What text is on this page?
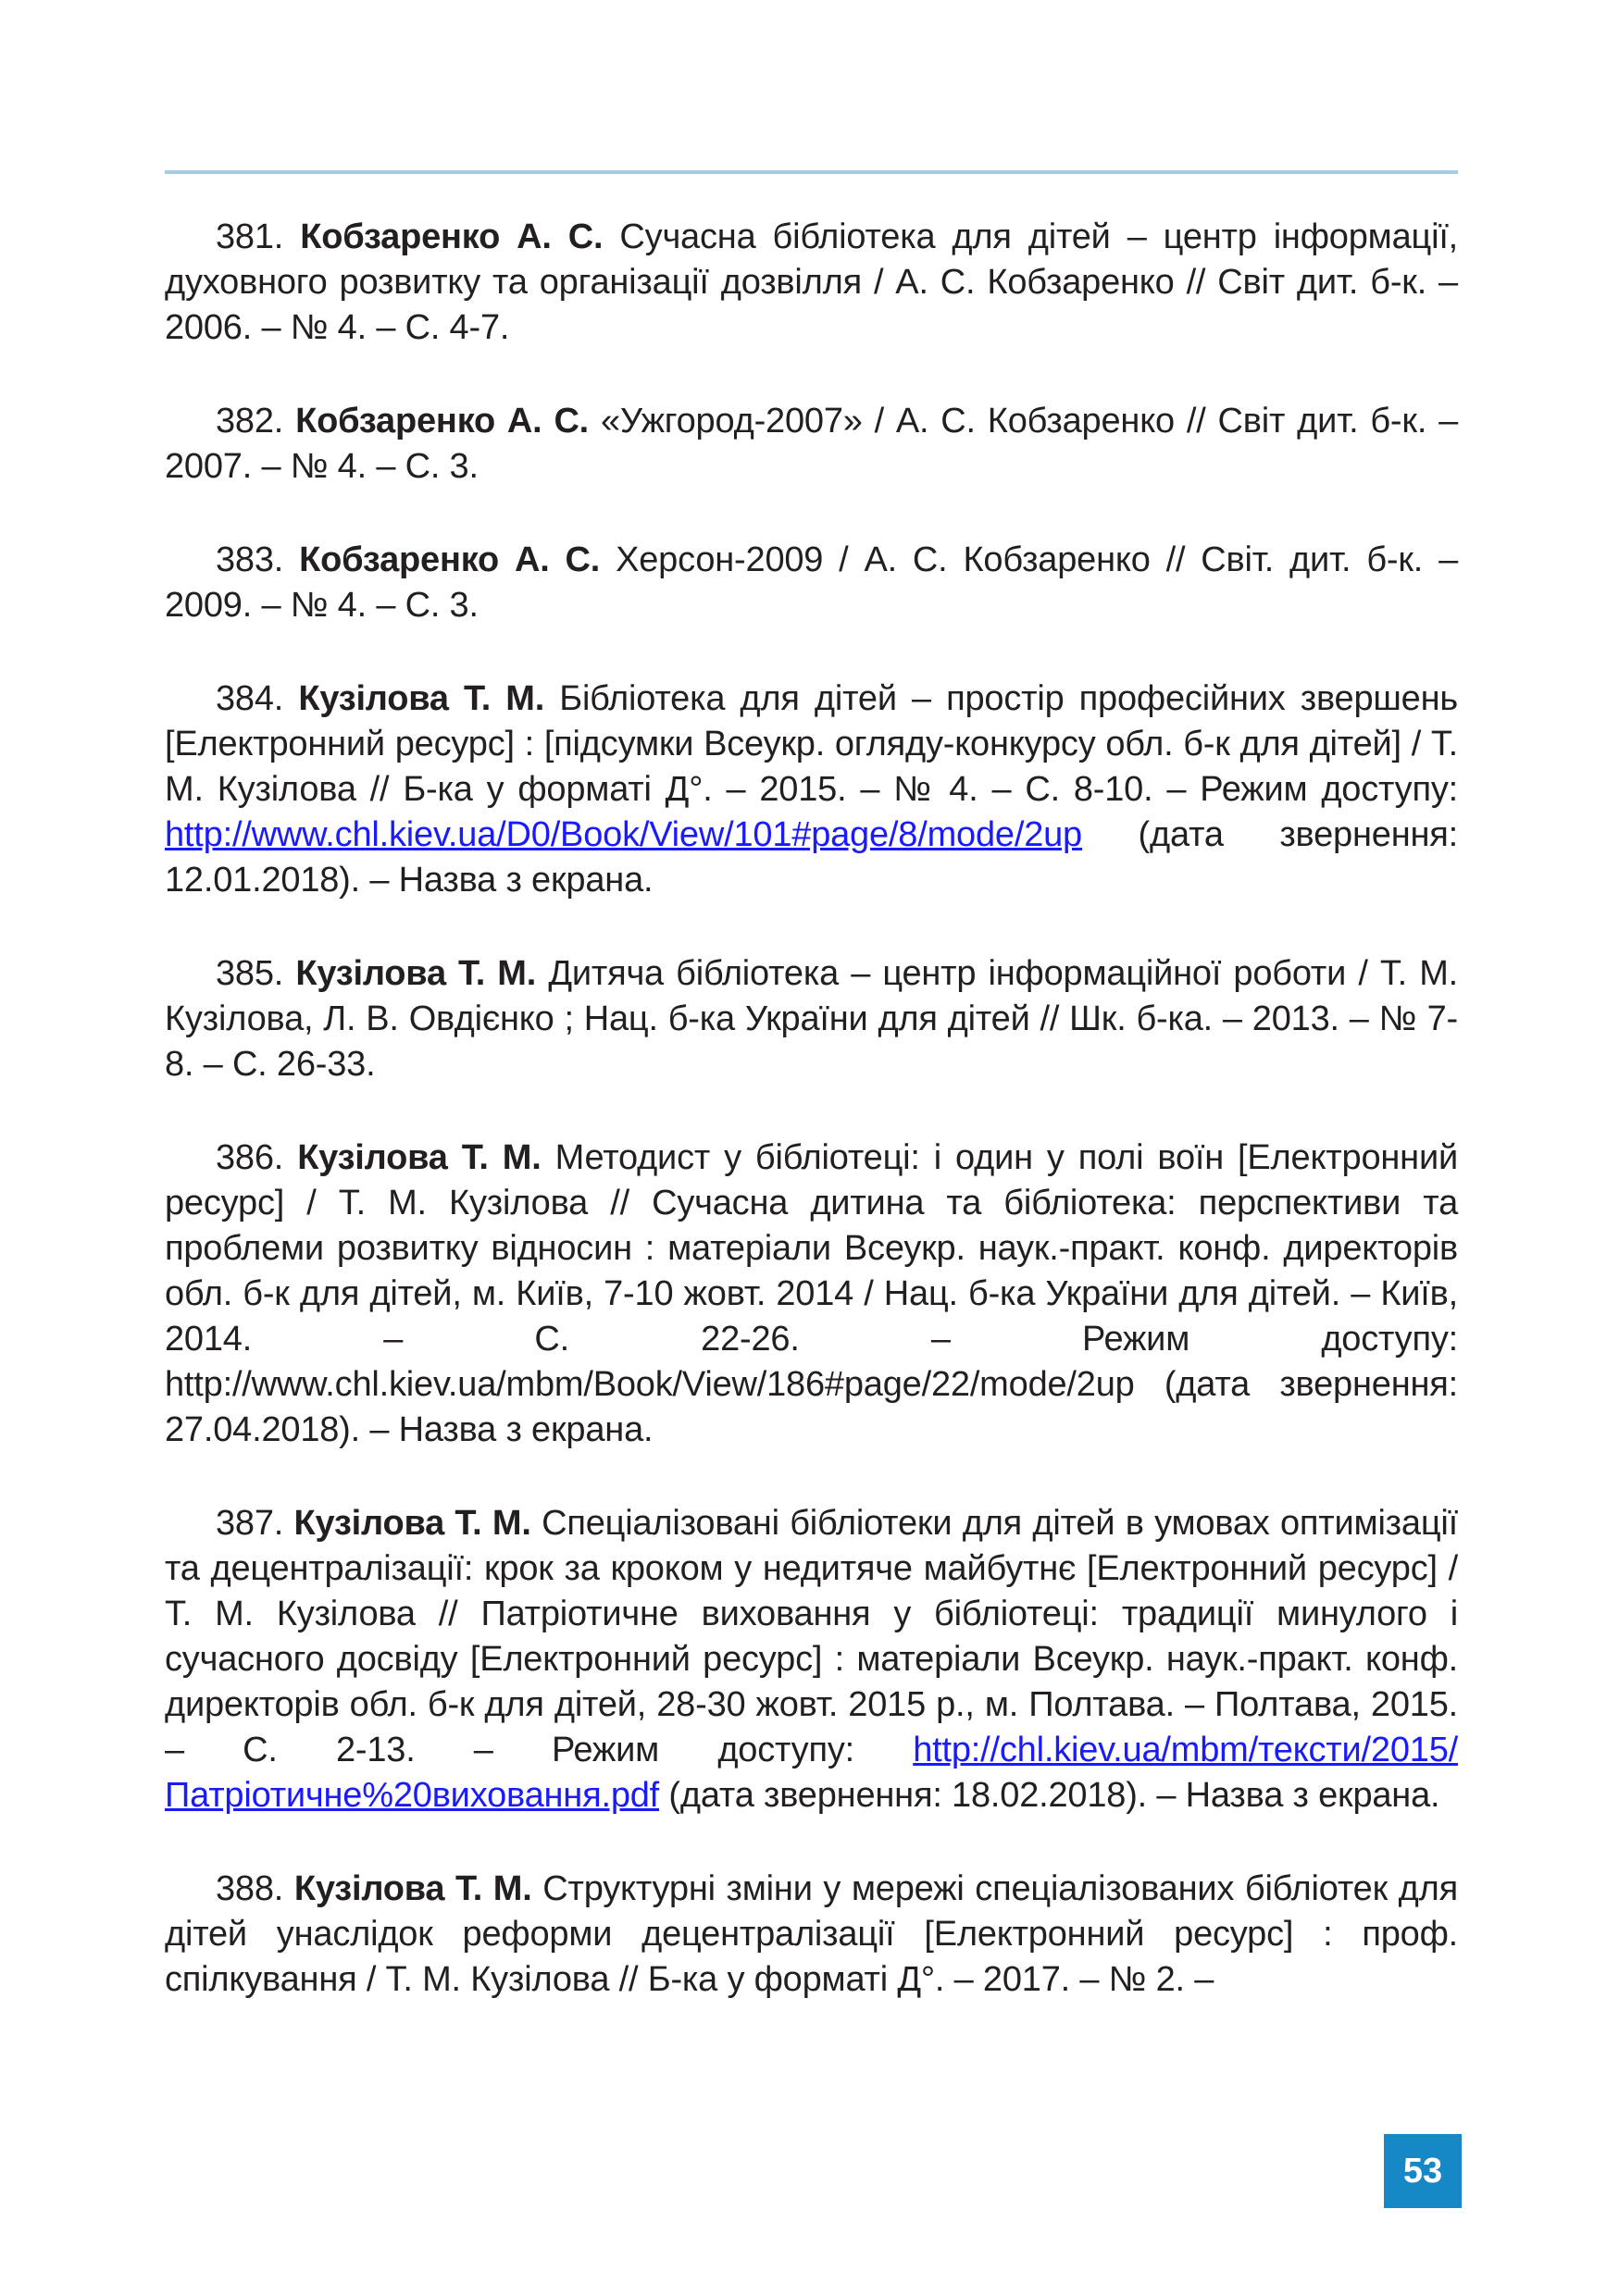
381. Кобзаренко А. С. Сучасна бібліотека для дітей – центр інформації, духовного розвитку та організації дозвілля / А. С. Кобзаренко // Світ дит. б-к. – 2006. – № 4. – С. 4-7.

382. Кобзаренко А. С. «Ужгород-2007» / А. С. Кобзаренко // Світ дит. б-к. – 2007. – № 4. – С. 3.

383. Кобзаренко А. С. Херсон-2009 / А. С. Кобзаренко // Світ. дит. б-к. – 2009. – № 4. – С. 3.

384. Кузілова Т. М. Бібліотека для дітей – простір професійних звершень [Електронний ресурс] : [підсумки Всеукр. огляду-конкурсу обл. б-к для дітей] / Т. М. Кузілова // Б-ка у форматі Д°. – 2015. – № 4. – С. 8-10. – Режим доступу: http://www.chl.kiev.ua/D0/Book/View/101#page/8/mode/2up (дата звернення: 12.01.2018). – Назва з екрана.

385. Кузілова Т. М. Дитяча бібліотека – центр інформаційної роботи / Т. М. Кузілова, Л. В. Овдієнко ; Нац. б-ка України для дітей // Шк. б-ка. – 2013. – № 7-8. – С. 26-33.

386. Кузілова Т. М. Методист у бібліотеці: і один у полі воїн [Електронний ресурс] / Т. М. Кузілова // Сучасна дитина та бібліотека: перспективи та проблеми розвитку відносин : матеріали Всеукр. наук.-практ. конф. директорів обл. б-к для дітей, м. Київ, 7-10 жовт. 2014 / Нац. б-ка України для дітей. – Київ, 2014. – С. 22-26. – Режим доступу: http://www.chl.kiev.ua/mbm/Book/View/186#page/22/mode/2up (дата звернення: 27.04.2018). – Назва з екрана.

387. Кузілова Т. М. Спеціалізовані бібліотеки для дітей в умовах оптимізації та децентралізації: крок за кроком у недитяче майбутнє [Електронний ресурс] / Т. М. Кузілова // Патріотичне виховання у бібліотеці: традиції минулого і сучасного досвіду [Електронний ресурс] : матеріали Всеукр. наук.-практ. конф. директорів обл. б-к для дітей, 28-30 жовт. 2015 р., м. Полтава. – Полтава, 2015. – С. 2-13. – Режим доступу: http://chl.kiev.ua/mbm/тексти/2015/Патріотичне%20виховання.pdf (дата звернення: 18.02.2018). – Назва з екрана.

388. Кузілова Т. М. Структурні зміни у мережі спеціалізованих бібліотек для дітей унаслідок реформи децентралізації [Електронний ресурс] : проф. спілкування / Т. М. Кузілова // Б-ка у форматі Д°. – 2017. – № 2. –

53
